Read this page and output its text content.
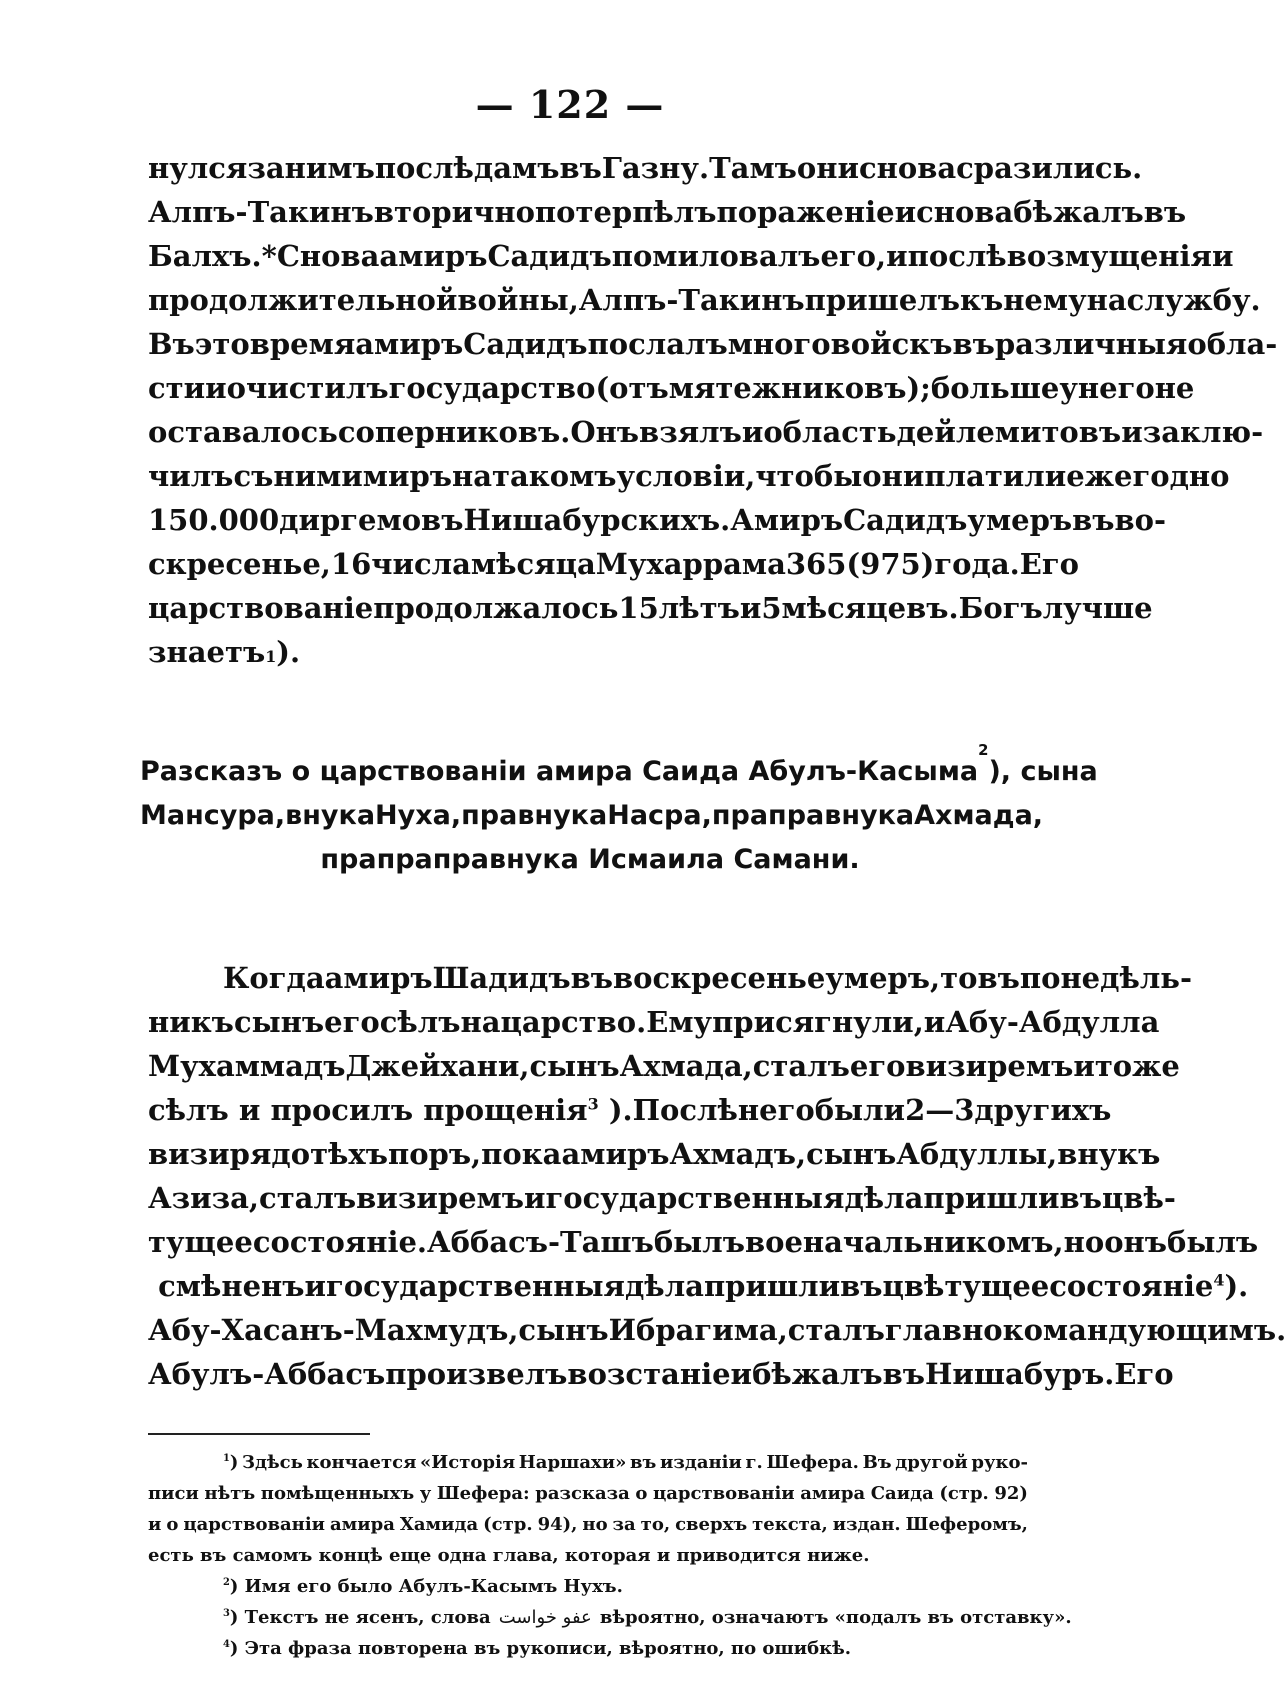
— 122 —
нулся за нимъ по слѣдамъ въ Газну. Тамъ они снова сразились.
Алпъ-Такинъ вторично потерпѣлъ пораженіе и снова бѣжалъ въ
Балхъ.* Снова амиръ Садидъ помиловалъ его, и послѣ возмущенія и
продолжительной войны, Алпъ-Такинъ пришелъ къ нему на службу.
Въ это время амиръ Садидъ послалъ много войскъ въ различныя обла-
сти и очистилъ государство (отъ мятежниковъ); больше у него не
оставалось соперниковъ. Онъ взялъ и область дейлемитовъ и заклю-
чилъ съ ними миръ на такомъ условіи, чтобы они платили ежегодно
150.000 диргемовъ Нишабурскихъ. Амиръ Садидъ умеръ въ во-
скресенье, 16 числа мѣсяца Мухаррама 365 (975) года. Его
царствованіе продолжалось 15 лѣтъ и 5 мѣсяцевъ. Богъ лучше
знаетъ 1 ).
Разсказъ о царствованіи амира Саида Абулъ-Касыма
2
), сына
Мансура, внука Нуха, правнука Насра, праправнука Ахмада,
прапраправнука Исмаила Самани.
Когда амиръ Шадидъ въ воскресенье умеръ, то въ понедѣль-
никъ сынъ его сѣлъ на царство. Ему присягнули, и Абу-Абдулла
Мухаммадъ Джейхани, сынъ Ахмада, сталъ его визиремъ и тоже
сѣлъ и просилъ прощенія$^3$ ). Послѣ него были 2—3 другихъ
визиря до тѣхъ поръ, пока амиръ Ахмадъ, сынъ Абдуллы, внукъ
Азиза, сталъ визиремъ и государственныя дѣла пришли въ цвѣ-
тущее состояніе. Аббасъ-Ташъ былъ военачальникомъ, но онъ былъ
смѣненъ и государственныя дѣла пришли въ цвѣтущее состояніе $^4$).
Абу-Хасанъ-Махмудъ, сынъ Ибрагима, сталъ главнокомандующимъ.
Абулъ-Аббасъ произвелъ возстаніе и бѣжалъ въ Нишабуръ. Его
$^1$ ) Здѣсь кончается «Исторія Наршахи» въ изданіи г. Шефера. Въ другой руко-
писи нѣтъ помѣщенныхъ у Шефера: разсказа о царствованіи амира Саида (стр. 92)
и о царствованіи амира Хамида (стр. 94), но за то, сверхъ текста, издан. Шеферомъ,
есть въ самомъ концѣ еще одна глава, которая и приводится ниже.
$^2$) Имя его было Абулъ-Касымъ Нухъ.
$^3$) Текстъ не ясенъ, слова عفو خواست вѣроятно, означаютъ «подалъ въ отставку».
$^4$) Эта фраза повторена въ рукописи, вѣроятно, по ошибкѣ.
